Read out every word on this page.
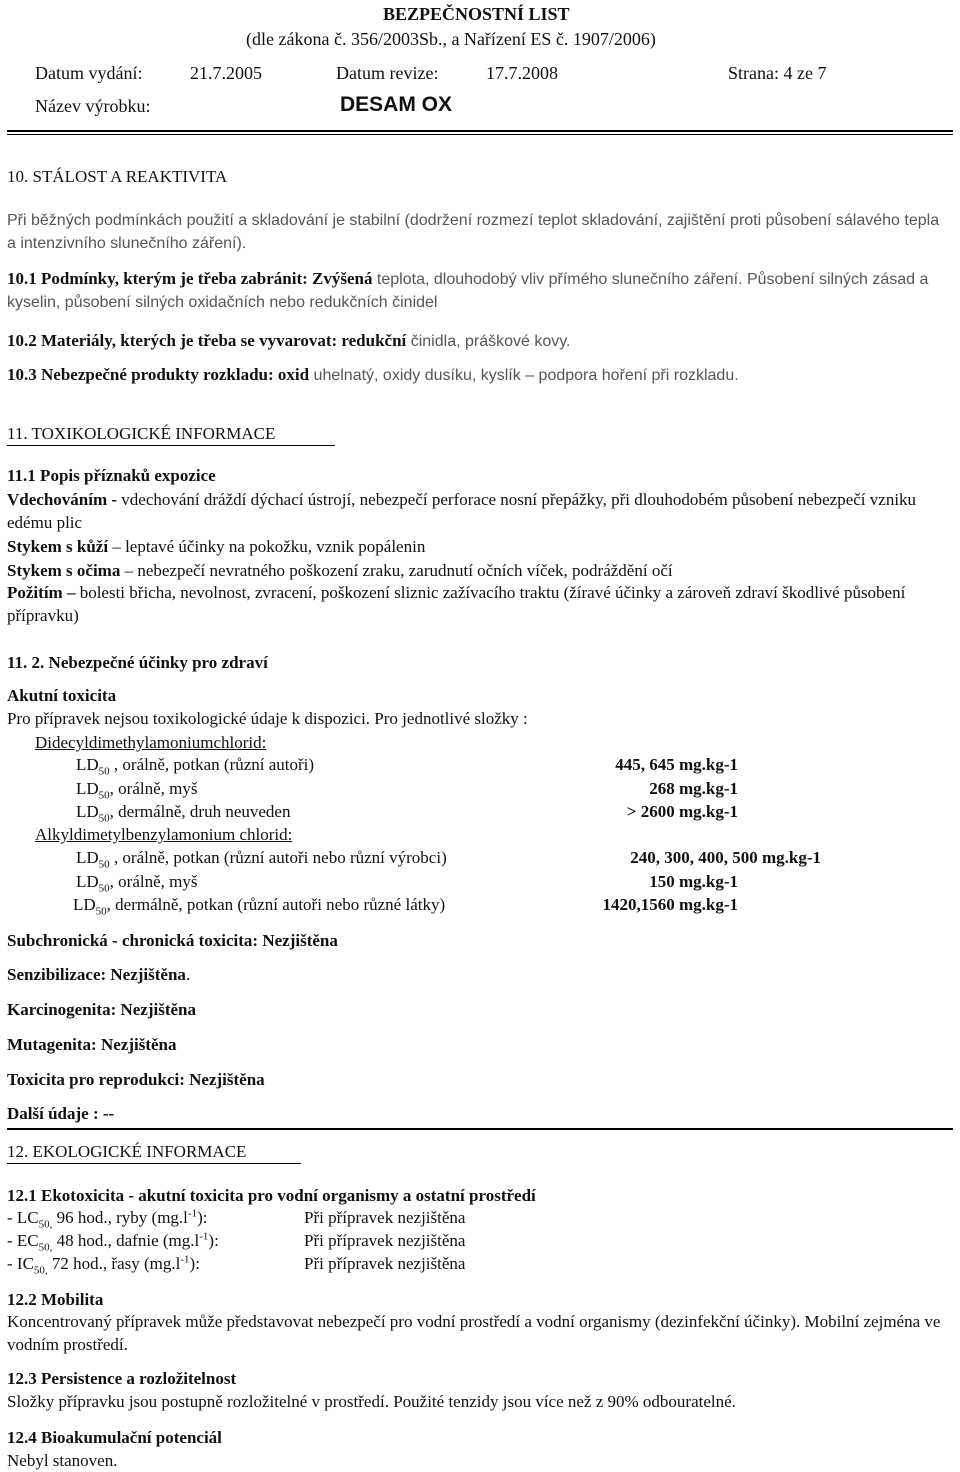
BEZPEČNOSTNÍ LIST
(dle zákona č. 356/2003Sb., a Nařízení ES č. 1907/2006)
Datum vydání:	21.7.2005	Datum revize:	17.7.2008	Strana: 4 ze 7
Název výrobku:	DESAM OX
10. STÁLOST A REAKTIVITA
Při běžných podmínkách použití a skladování je stabilní (dodržení rozmezí teplot skladování, zajištění proti působení sálavého tepla a intenzivního slunečního záření).
10.1 Podmínky, kterým je třeba zabránit: Zvýšená teplota, dlouhodobý vliv přímého slunečního záření. Působení silných zásad a kyselin, působení silných oxidačních nebo redukčních činidel
10.2 Materiály, kterých je třeba se vyvarovat: redukční činidla, práškové kovy.
10.3 Nebezpečné produkty rozkladu: oxid uhelnatý, oxidy dusíku, kyslík – podpora hoření při rozkladu.
11. TOXIKOLOGICKÉ INFORMACE
11.1 Popis příznaků expozice
Vdechováním - vdechování dráždí dýchací ústrojí, nebezpečí perforace nosní přepážky, při dlouhodobém působení nebezpečí vzniku edému plic
Stykem s kůží – leptavé účinky na pokožku, vznik popálenin
Stykem s očima – nebezpečí nevratného poškození zraku, zarudnutí očních víček, podráždění očí
Požitím – bolesti břicha, nevolnost, zvracení, poškození sliznic zažívacího traktu (žíravé účinky a zároveň zdraví škodlivé působení přípravku)
11. 2. Nebezpečné účinky pro zdraví
Akutní toxicita
Pro přípravek nejsou toxikologické údaje k dispozici. Pro jednotlivé složky :
Didecyldimethylamoniumchlorid:
$LD_{50}$ , orálně, potkan (různí autoři)	445, 645 mg.kg-1
$LD_{50}$, orálně, myš	268 mg.kg-1
$LD_{50}$, dermálně, druh neuveden	> 2600 mg.kg-1
Alkyldimetylbenzylamonium chlorid:
$LD_{50}$ , orálně, potkan (různí autoři nebo různí výrobci)	240, 300, 400, 500 mg.kg-1
$LD_{50}$, orálně, myš	150 mg.kg-1
$LD_{50}$, dermálně, potkan (různí autoři nebo různé látky)	1420,1560 mg.kg-1
Subchronická - chronická toxicita: Nezjištěna
Senzibilizace: Nezjištěna.
Karcinogenita: Nezjištěna
Mutagenita: Nezjištěna
Toxicita pro reprodukci: Nezjištěna
Další údaje : --
12. EKOLOGICKÉ INFORMACE
12.1 Ekotoxicita - akutní toxicita pro vodní organismy a ostatní prostředí
- $LC_{50,}$ 96 hod., ryby $(mg.l^{-1})$:	Při přípravek nezjištěna
- $EC_{50,}$ 48 hod., dafnie $(mg.l^{-1})$:	Při přípravek nezjištěna
- $IC_{50,}$ 72 hod., řasy $(mg.l^{-1})$:	Při přípravek nezjištěna
12.2 Mobilita
Koncentrovaný přípravek může představovat nebezpečí pro vodní prostředí a vodní organismy (dezinfekční účinky). Mobilní zejména ve vodním prostředí.
12.3 Persistence a rozložitelnost
Složky přípravku jsou postupně rozložitelné v prostředí. Použité tenzidy jsou více než z 90% odbouratelné.
12.4 Bioakumulační potenciál
Nebyl stanoven.
